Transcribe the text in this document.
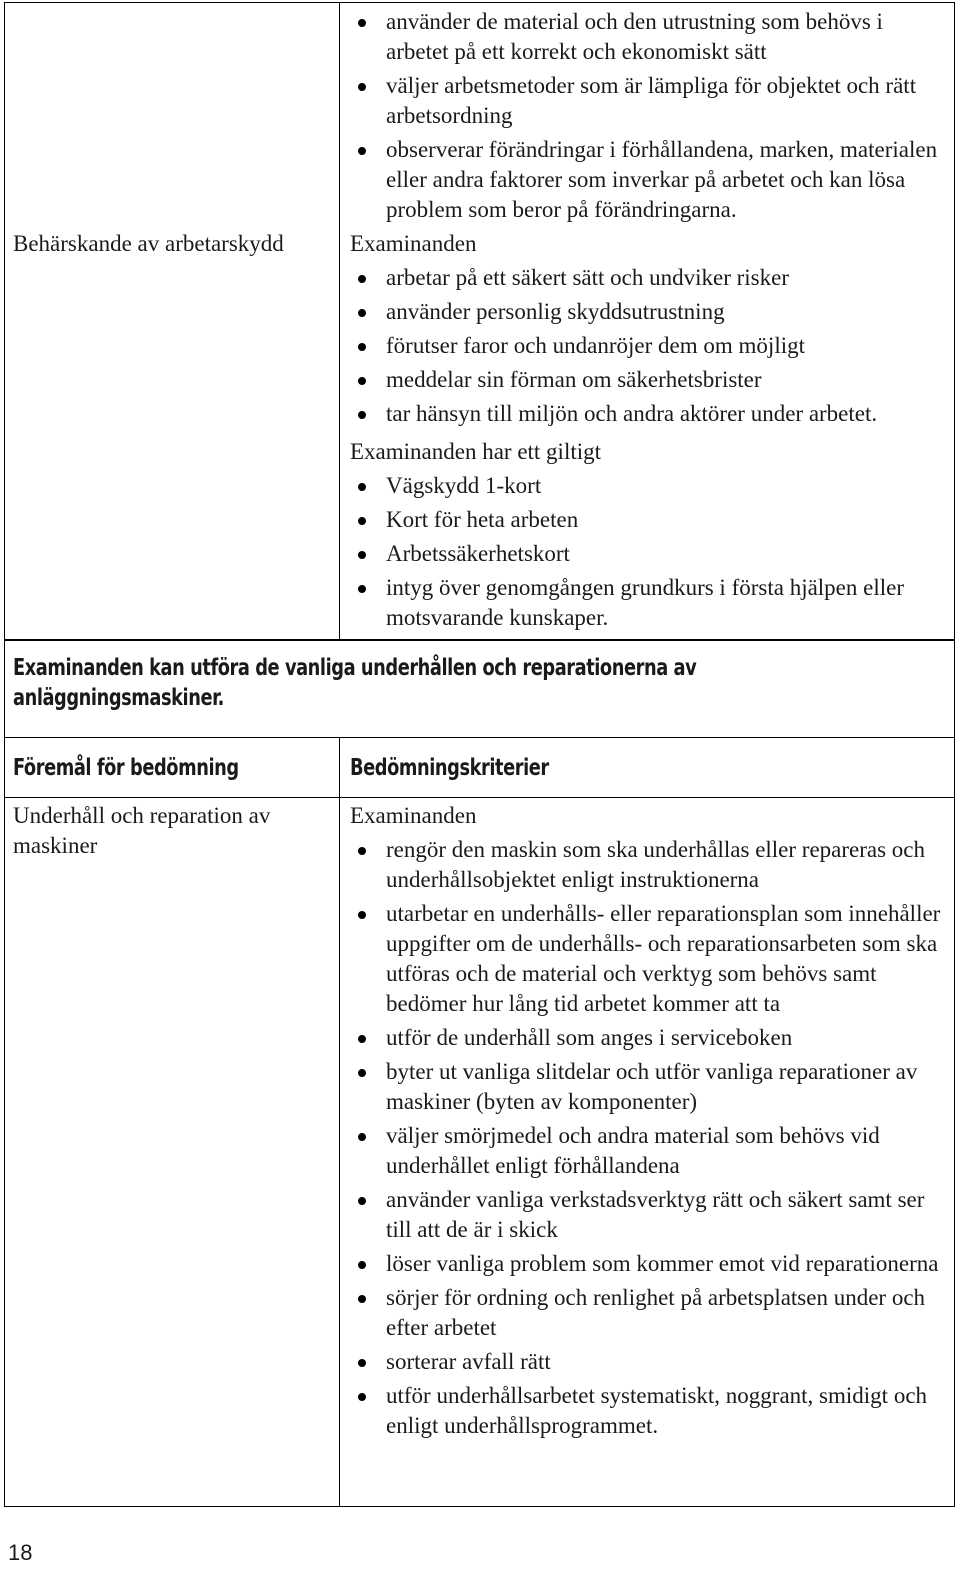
använder de material och den utrustning som behövs i arbetet på ett korrekt och ekonomiskt sätt
väljer arbetsmetoder som är lämpliga för objektet och rätt arbetsordning
observerar förändringar i förhållandena, marken, materialen eller andra faktorer som inverkar på arbetet och kan lösa problem som beror på förändringarna.
Behärskande av arbetarskydd	Examinanden

arbetar på ett säkert sätt och undviker risker
använder personlig skyddsutrustning
förutser faror och undanröjer dem om möjligt
meddelar sin förman om säkerhetsbrister
tar hänsyn till miljön och andra aktörer under arbetet.

Examinanden har ett giltigt

Vägskydd 1-kort
Kort för heta arbeten
Arbetssäkerhetskort
intyg över genomgången grundkurs i första hjälpen eller motsvarande kunskaper.
Examinanden kan utföra de vanliga underhållen och reparationerna av
anläggningsmaskiner.
Föremål för bedömning	Bedömningskriterier
Underhåll och reparation av maskiner

Examinanden

rengör den maskin som ska underhållas eller repareras och underhållsobjektet enligt instruktionerna
utarbetar en underhålls- eller reparationsplan som innehåller uppgifter om de underhålls- och reparationsarbeten som ska utföras och de material och verktyg som behövs samt bedömer hur lång tid arbetet kommer att ta
utför de underhåll som anges i serviceboken
byter ut vanliga slitdelar och utför vanliga reparationer av maskiner (byten av komponenter)
väljer smörjmedel och andra material som behövs vid underhållet enligt förhållandena
använder vanliga verkstadsverktyg rätt och säkert samt ser till att de är i skick
löser vanliga problem som kommer emot vid reparationerna
sörjer för ordning och renlighet på arbetsplatsen under och efter arbetet
sorterar avfall rätt
utför underhållsarbetet systematiskt, noggrant, smidigt och enligt underhållsprogrammet.
18
